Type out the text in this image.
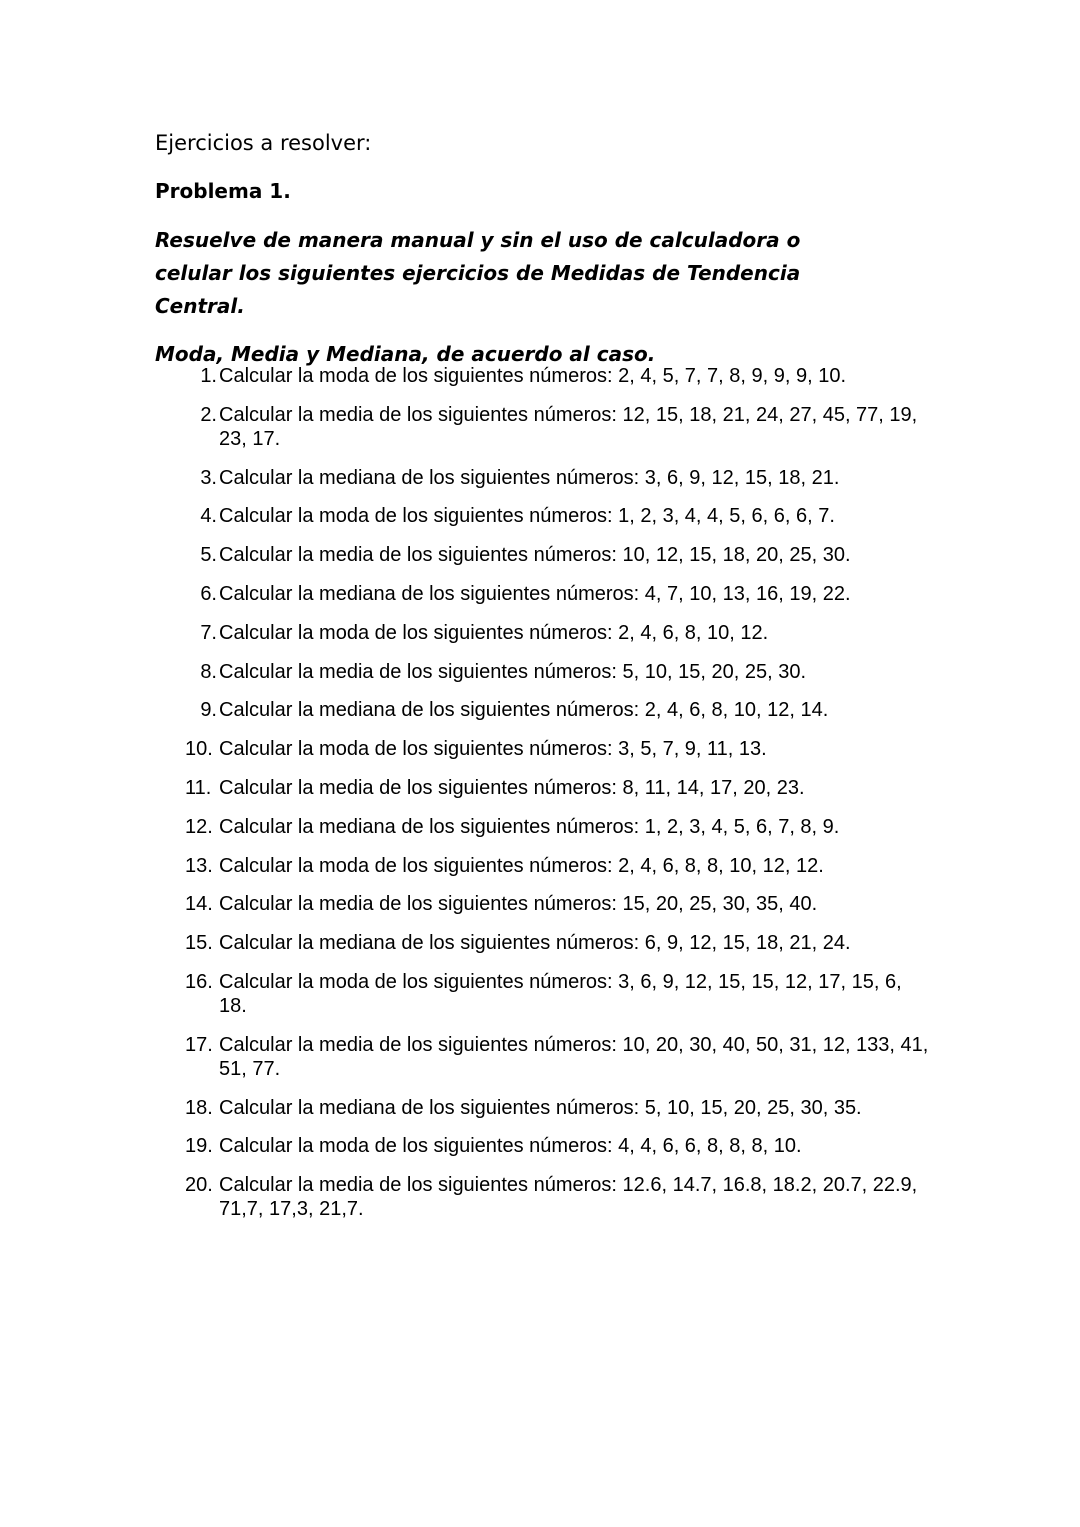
Ejercicios a resolver:

Problema 1.

Resuelve de manera manual y sin el uso de calculadora o celular los siguientes ejercicios de Medidas de Tendencia Central.

Moda, Media y Mediana, de acuerdo al caso.

1. Calcular la moda de los siguientes números: 2, 4, 5, 7, 7, 8, 9, 9, 9, 10.
2. Calcular la media de los siguientes números: 12, 15, 18, 21, 24, 27, 45, 77, 19, 23, 17.
3. Calcular la mediana de los siguientes números: 3, 6, 9, 12, 15, 18, 21.
4. Calcular la moda de los siguientes números: 1, 2, 3, 4, 4, 5, 6, 6, 6, 7.
5. Calcular la media de los siguientes números: 10, 12, 15, 18, 20, 25, 30.
6. Calcular la mediana de los siguientes números: 4, 7, 10, 13, 16, 19, 22.
7. Calcular la moda de los siguientes números: 2, 4, 6, 8, 10, 12.
8. Calcular la media de los siguientes números: 5, 10, 15, 20, 25, 30.
9. Calcular la mediana de los siguientes números: 2, 4, 6, 8, 10, 12, 14.
10. Calcular la moda de los siguientes números: 3, 5, 7, 9, 11, 13.
11. Calcular la media de los siguientes números: 8, 11, 14, 17, 20, 23.
12. Calcular la mediana de los siguientes números: 1, 2, 3, 4, 5, 6, 7, 8, 9.
13. Calcular la moda de los siguientes números: 2, 4, 6, 8, 8, 10, 12, 12.
14. Calcular la media de los siguientes números: 15, 20, 25, 30, 35, 40.
15. Calcular la mediana de los siguientes números: 6, 9, 12, 15, 18, 21, 24.
16. Calcular la moda de los siguientes números: 3, 6, 9, 12, 15, 15, 12, 17, 15, 6, 18.
17. Calcular la media de los siguientes números: 10, 20, 30, 40, 50, 31, 12, 133, 41, 51, 77.
18. Calcular la mediana de los siguientes números: 5, 10, 15, 20, 25, 30, 35.
19. Calcular la moda de los siguientes números: 4, 4, 6, 6, 8, 8, 8, 10.
20. Calcular la media de los siguientes números: 12.6, 14.7, 16.8, 18.2, 20.7, 22.9, 71,7, 17,3, 21,7.
